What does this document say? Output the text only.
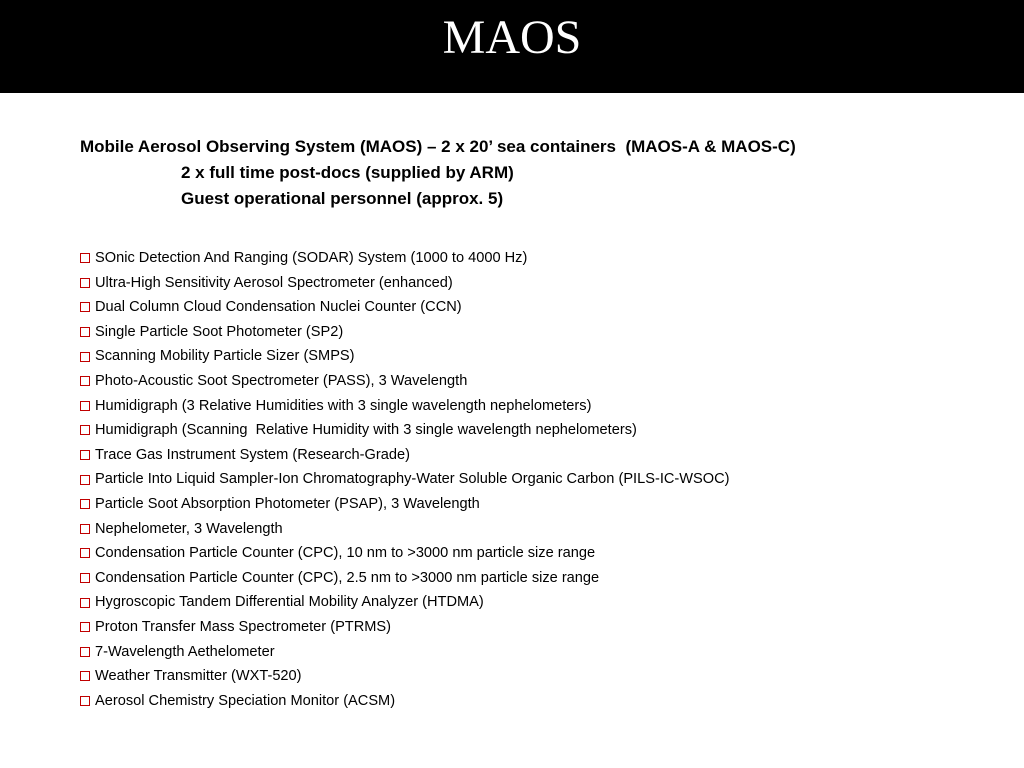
MAOS
Mobile Aerosol Observing System (MAOS) – 2 x 20’ sea containers  (MAOS-A & MAOS-C)
2 x full time post-docs (supplied by ARM)
Guest operational personnel (approx. 5)
SOnic Detection And Ranging (SODAR) System (1000 to 4000 Hz)
Ultra-High Sensitivity Aerosol Spectrometer (enhanced)
Dual Column Cloud Condensation Nuclei Counter (CCN)
Single Particle Soot Photometer (SP2)
Scanning Mobility Particle Sizer (SMPS)
Photo-Acoustic Soot Spectrometer (PASS), 3 Wavelength
Humidigraph (3 Relative Humidities with 3 single wavelength nephelometers)
Humidigraph (Scanning  Relative Humidity with 3 single wavelength nephelometers)
Trace Gas Instrument System (Research-Grade)
Particle Into Liquid Sampler-Ion Chromatography-Water Soluble Organic Carbon (PILS-IC-WSOC)
Particle Soot Absorption Photometer (PSAP), 3 Wavelength
Nephelometer, 3 Wavelength
Condensation Particle Counter (CPC), 10 nm to >3000 nm particle size range
Condensation Particle Counter (CPC), 2.5 nm to >3000 nm particle size range
Hygroscopic Tandem Differential Mobility Analyzer (HTDMA)
Proton Transfer Mass Spectrometer (PTRMS)
7-Wavelength Aethelometer
Weather Transmitter (WXT-520)
Aerosol Chemistry Speciation Monitor (ACSM)
